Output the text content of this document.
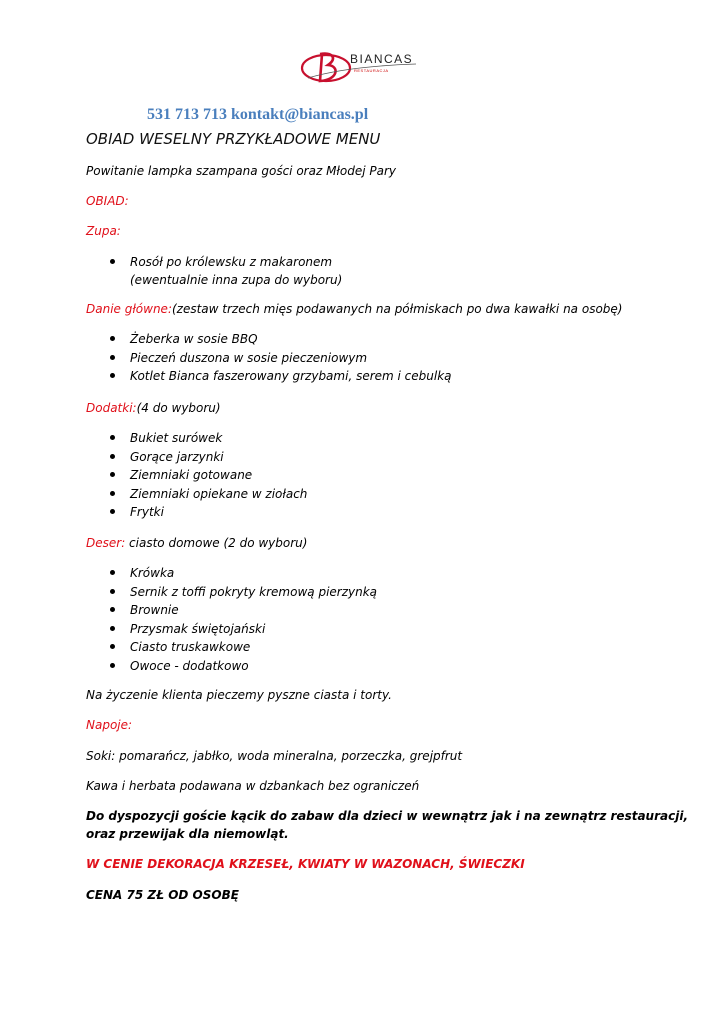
BIANCAS
RESTAURACJA
531 713 713 kontakt@biancas.pl
OBIAD WESELNY PRZYKŁADOWE MENU
Powitanie lampka szampana gości oraz Młodej Pary
OBIAD:
Zupa:
Rosół po królewsku z makaronem
(ewentualnie inna zupa do wyboru)
Danie główne:(zestaw trzech mięs podawanych na półmiskach po dwa kawałki na osobę)
Żeberka w sosie BBQ
Pieczeń duszona w sosie pieczeniowym
Kotlet Bianca faszerowany grzybami, serem i cebulką
Dodatki:(4 do wyboru)
Bukiet surówek
Gorące jarzynki
Ziemniaki gotowane
Ziemniaki opiekane w ziołach
Frytki
Deser: ciasto domowe (2 do wyboru)
Krówka
Sernik z toffi pokryty kremową pierzynką
Brownie
Przysmak świętojański
Ciasto truskawkowe
Owoce - dodatkowo
Na życzenie klienta pieczemy pyszne ciasta i torty.
Napoje:
Soki: pomarańcz, jabłko, woda mineralna, porzeczka, grejpfrut
Kawa i herbata podawana w dzbankach bez ograniczeń
Do dyspozycji goście kącik do zabaw dla dzieci w wewnątrz jak i na zewnątrz restauracji,
oraz przewijak dla niemowląt.
W CENIE DEKORACJA KRZESEŁ, KWIATY W WAZONACH, ŚWIECZKI
CENA 75 ZŁ OD OSOBĘ
